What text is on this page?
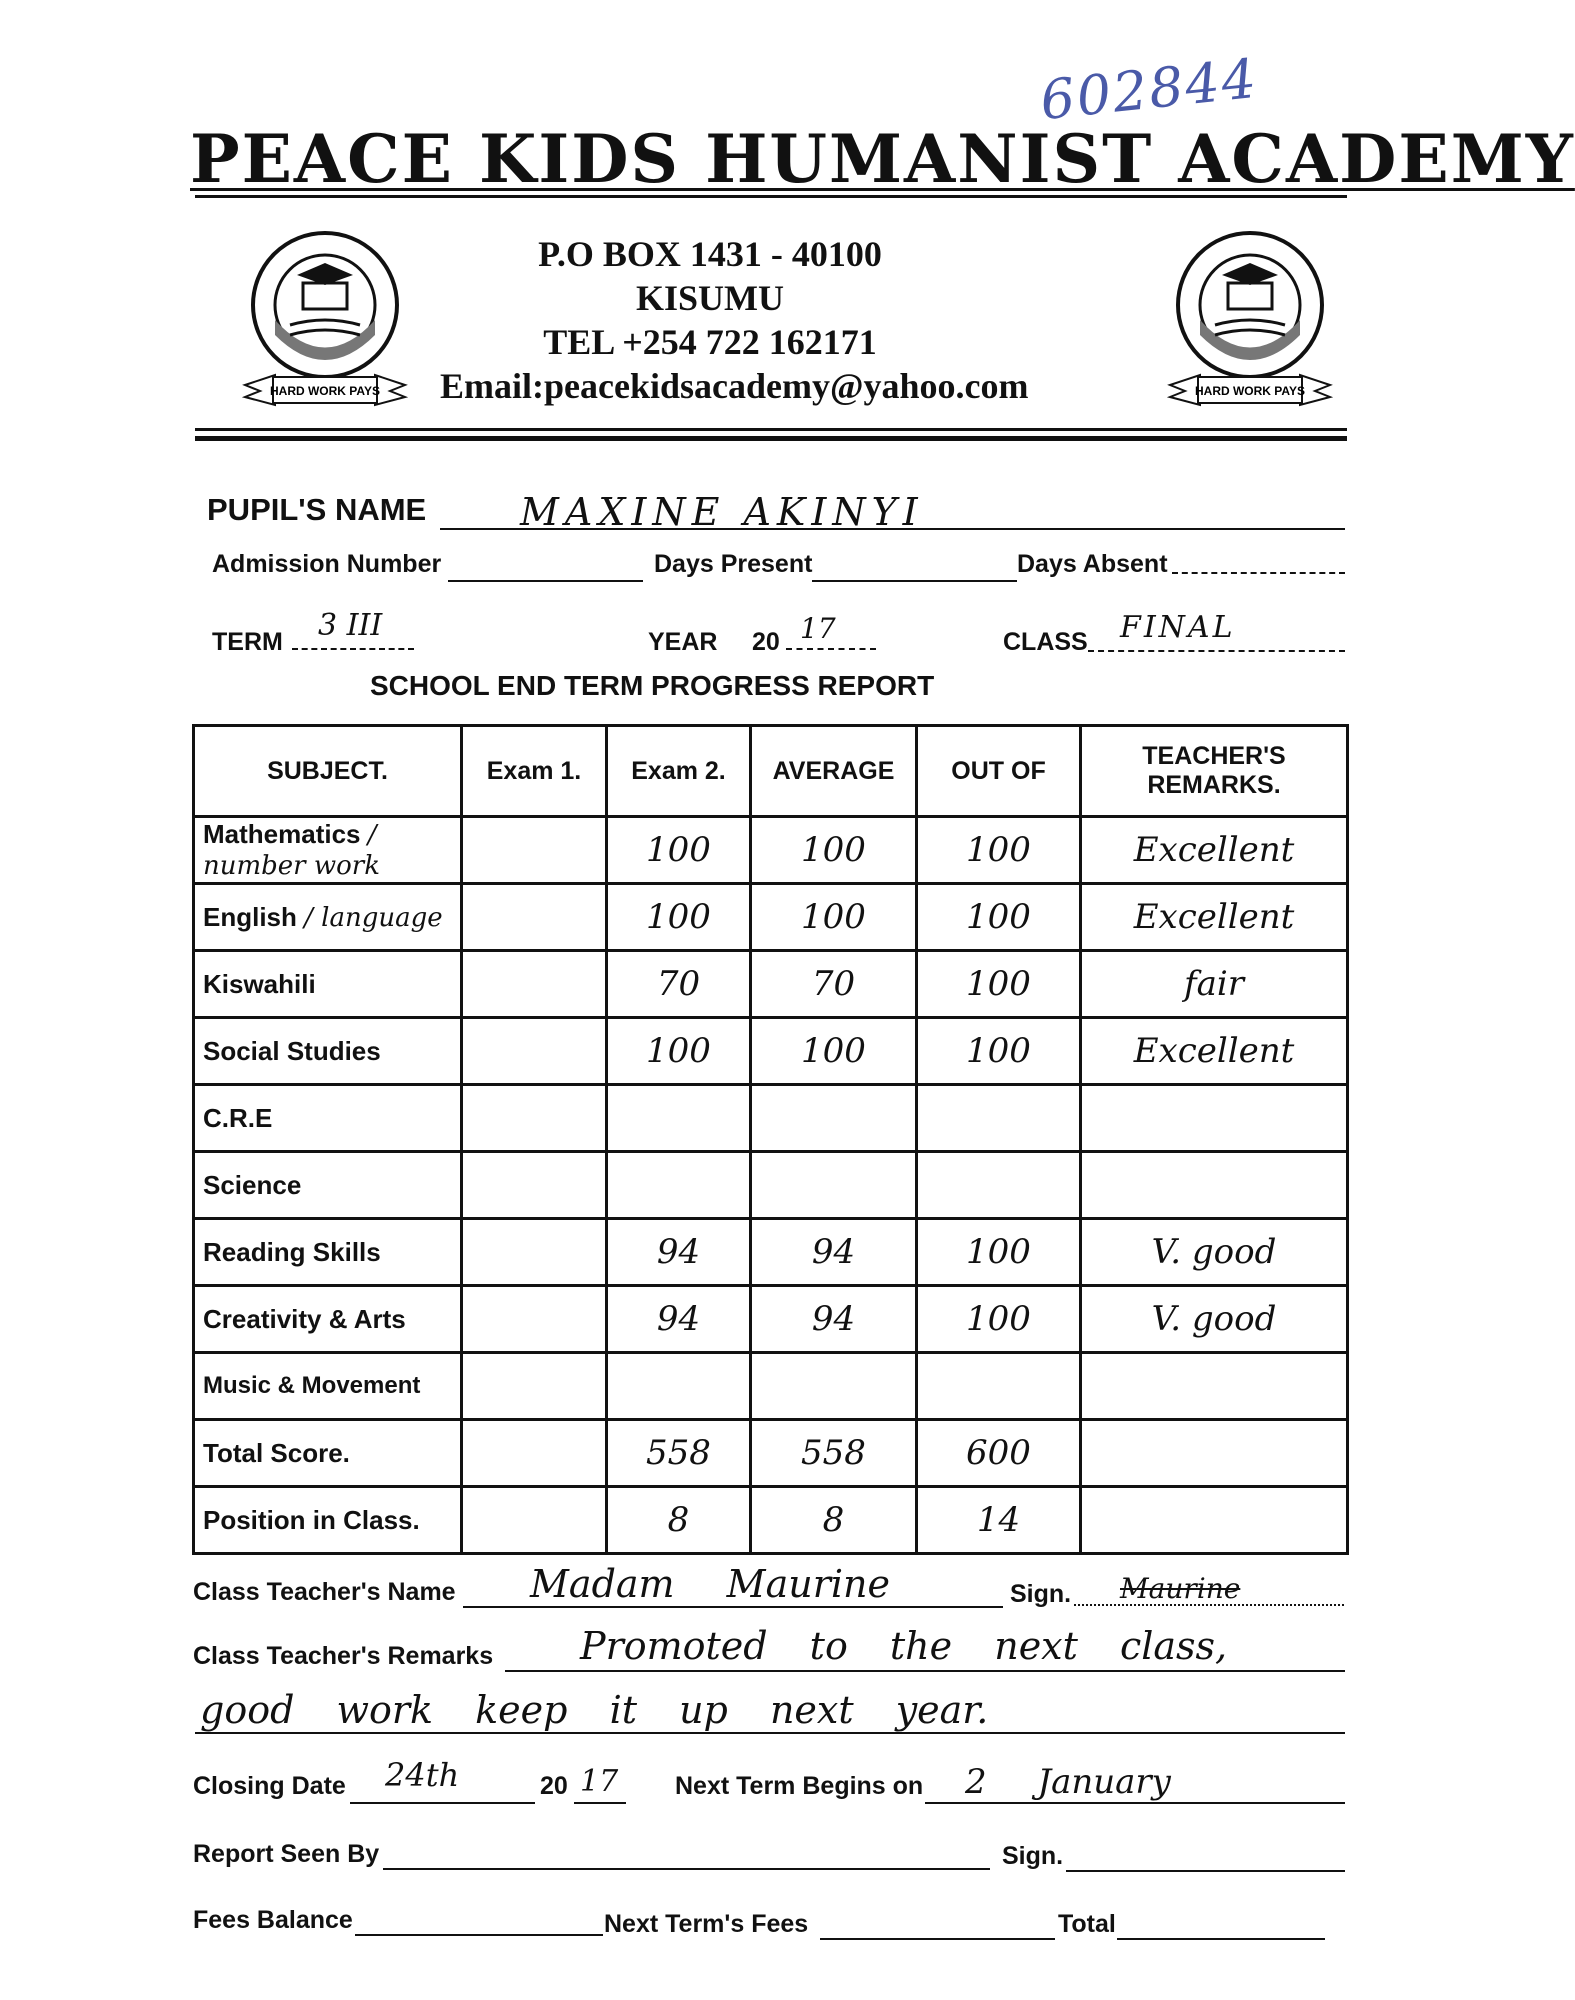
602844
PEACE KIDS HUMANIST ACADEMY
HARD WORK PAYS
P.O BOX 1431 - 40100
KISUMU
TEL +254 722 162171
Email:peacekidsacademy@yahoo.com	HARD WORK PAYS
PUPIL'S NAME MAXINE AKINYI
Admission Number	Days Present	Days Absent
TERM 3 III	YEAR 20 17	CLASS FINAL
SCHOOL END TERM PROGRESS REPORT
SUBJECT.	Exam 1.	Exam 2.	AVERAGE	OUT OF	TEACHER'S REMARKS.
Mathematics / number work		100	100	100	Excellent

English / language		100	100	100	Excellent

Kiswahili		70	70	100	fair

Social Studies		100	100	100	Excellent

C.R.E					
Science					
Reading Skills		94	94	100	V. good

Creativity & Arts		94	94	100	V. good

Music & Movement					
Total Score.		558	558	600	

Position in Class.		8	8	14	

Class Teacher's Name Madam Maurine	Sign. Maurine
Class Teacher's Remarks Promoted to the next class,
good work keep it up next year.
Closing Date 24th	20 17 Next Term Begins on 2 January
Report Seen By	Sign.
Fees Balance	Next Term's Fees	Total
